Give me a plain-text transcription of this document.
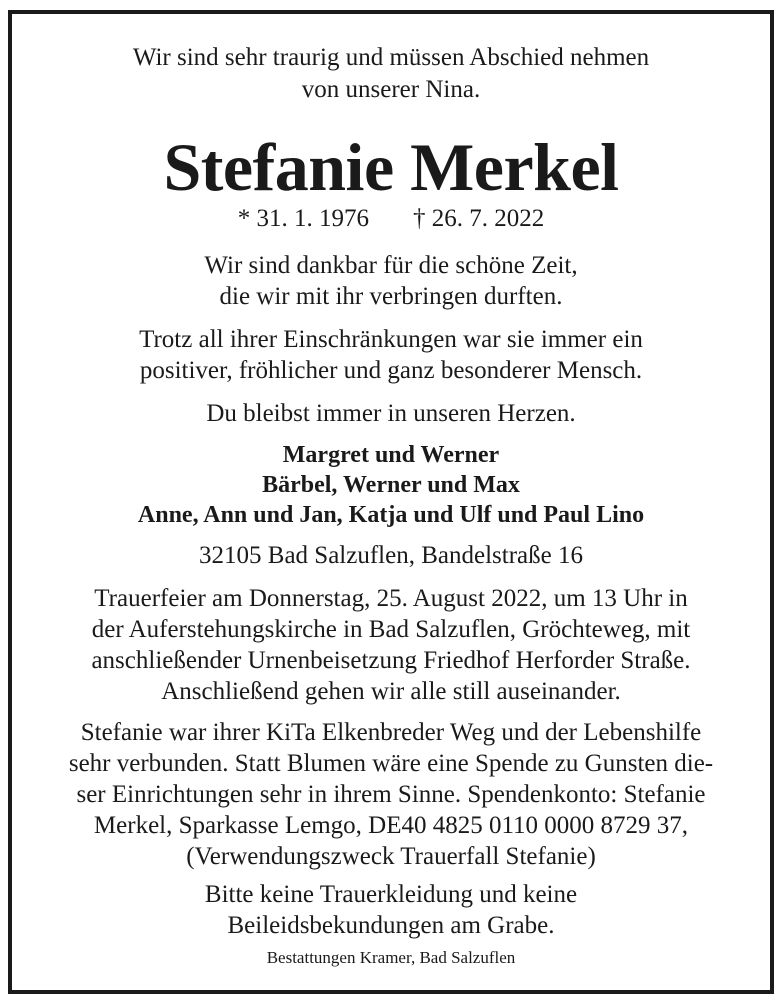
Wir sind sehr traurig und müssen Abschied nehmen
von unserer Nina.
Stefanie Merkel
* 31. 1. 1976 † 26. 7. 2022
Wir sind dankbar für die schöne Zeit,
die wir mit ihr verbringen durften.
Trotz all ihrer Einschränkungen war sie immer ein
positiver, fröhlicher und ganz besonderer Mensch.
Du bleibst immer in unseren Herzen.
Margret und Werner
Bärbel, Werner und Max
Anne, Ann und Jan, Katja und Ulf und Paul Lino
32105 Bad Salzuflen, Bandelstraße 16
Trauerfeier am Donnerstag, 25. August 2022, um 13 Uhr in
der Auferstehungskirche in Bad Salzuflen, Gröchteweg, mit
anschließender Urnenbeisetzung Friedhof Herforder Straße.
Anschließend gehen wir alle still auseinander.
Stefanie war ihrer KiTa Elkenbreder Weg und der Lebenshilfe
sehr verbunden. Statt Blumen wäre eine Spende zu Gunsten die-
ser Einrichtungen sehr in ihrem Sinne. Spendenkonto: Stefanie
Merkel, Sparkasse Lemgo, DE40 4825 0110 0000 8729 37,
(Verwendungszweck Trauerfall Stefanie)
Bitte keine Trauerkleidung und keine
Beileidsbekundungen am Grabe.
Bestattungen Kramer, Bad Salzuflen
